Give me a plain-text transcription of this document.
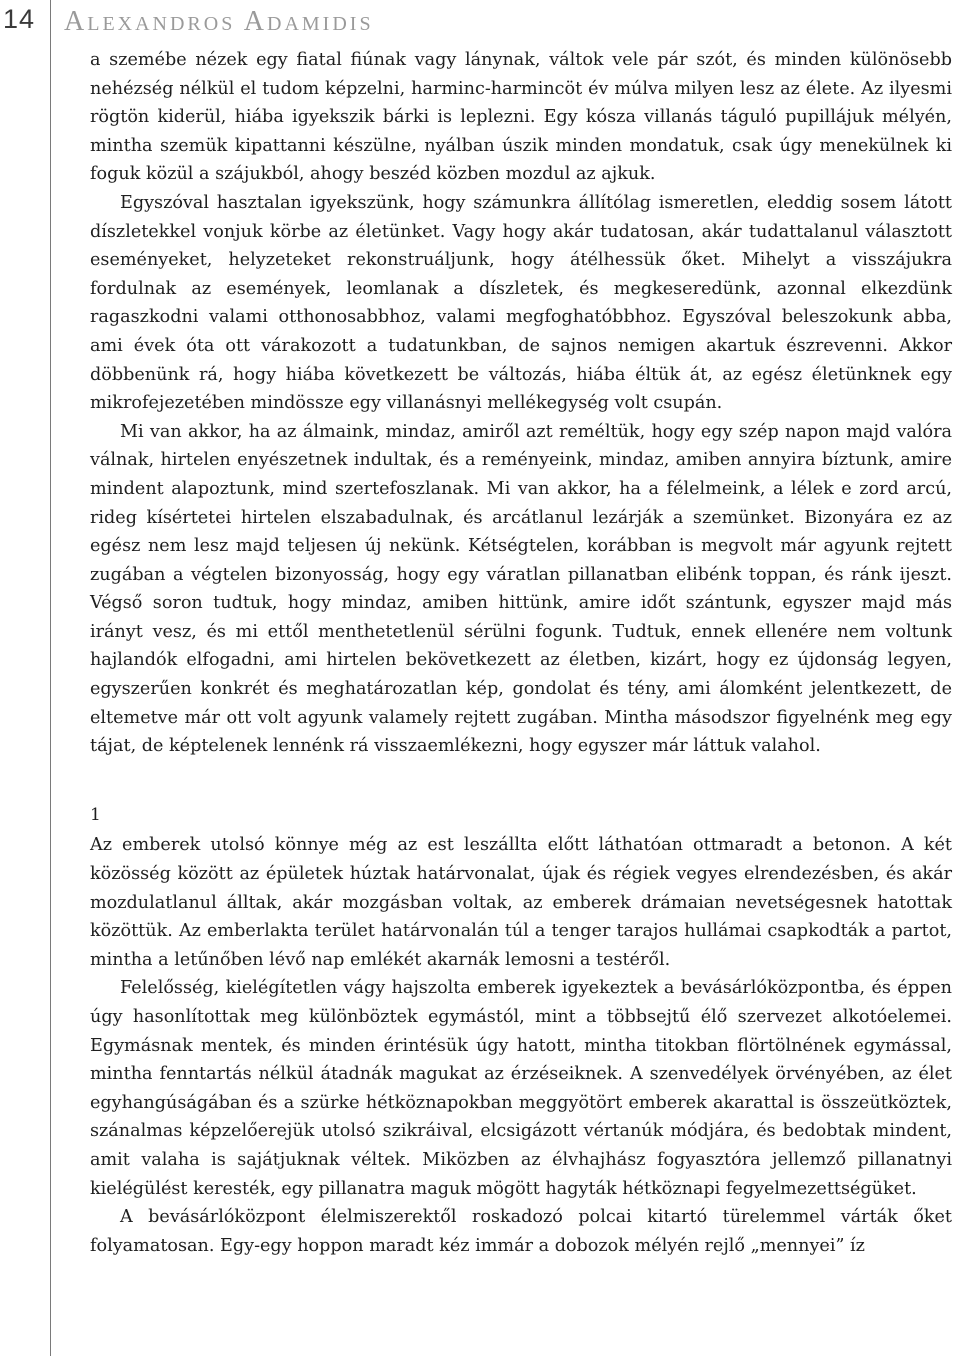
14 Alexandros Adamidis

a szemébe nézek egy fiatal fiúnak vagy lánynak, váltok vele pár szót, és minden különösebb nehézség nélkül el tudom képzelni, harminc-harmincöt év múlva milyen lesz az élete. Az ilyesmi rögtön kiderül, hiába igyekszik bárki is leplezni. Egy kósza villanás táguló pupillájuk mélyén, mintha szemük kipattanni készülne, nyálban úszik minden mondatuk, csak úgy menekülnek ki foguk közül a szájukból, ahogy beszéd közben mozdul az ajkuk.

Egyszóval hasztalan igyekszünk, hogy számunkra állítólag ismeretlen, eleddig sosem látott díszletekkel vonjuk körbe az életünket. Vagy hogy akár tudatosan, akár tudattalanul választott eseményeket, helyzeteket rekonstruáljunk, hogy átélhessük őket. Mihelyt a visszájukra fordulnak az események, leomlanak a díszletek, és megkeseredünk, azonnal elkezdünk ragaszkodni valami otthonosabbhoz, valami megfoghatóbbhoz. Egyszóval beleszokunk abba, ami évek óta ott várakozott a tudatunkban, de sajnos nemigen akartuk észrevenni. Akkor döbbenünk rá, hogy hiába következett be változás, hiába éltük át, az egész életünknek egy mikrofejezetében mindössze egy villanásnyi mellékegység volt csupán.

Mi van akkor, ha az álmaink, mindaz, amiről azt reméltük, hogy egy szép napon majd valóra válnak, hirtelen enyészetnek indultak, és a reményeink, mindaz, amiben annyira bíztunk, amire mindent alapoztunk, mind szertefoszlanak. Mi van akkor, ha a félelmeink, a lélek e zord arcú, rideg kísértetei hirtelen elszabadulnak, és arcátlanul lezárják a szemünket. Bizonyára ez az egész nem lesz majd teljesen új nekünk. Kétségtelen, korábban is megvolt már agyunk rejtett zugában a végtelen bizonyosság, hogy egy váratlan pillanatban elibénk toppan, és ránk ijeszt. Végső soron tudtuk, hogy mindaz, amiben hittünk, amire időt szántunk, egyszer majd más irányt vesz, és mi ettől menthetetlenül sérülni fogunk. Tudtuk, ennek ellenére nem voltunk hajlandók elfogadni, ami hirtelen bekövetkezett az életben, kizárt, hogy ez újdonság legyen, egyszerűen konkrét és meghatározatlan kép, gondolat és tény, ami álomként jelentkezett, de eltemetve már ott volt agyunk valamely rejtett zugában. Mintha másodszor figyelnénk meg egy tájat, de képtelenek lennénk rá visszaemlékezni, hogy egyszer már láttuk valahol.

1

Az emberek utolsó könnye még az est leszállta előtt láthatóan ottmaradt a betonon. A két közösség között az épületek húztak határvonalat, újak és régiek vegyes elrendezésben, és akár mozdulatlanul álltak, akár mozgásban voltak, az emberek drámaian nevetségesnek hatottak közöttük. Az emberlakta terület határvonalán túl a tenger tarajos hullámai csapkodták a partot, mintha a letűnőben lévő nap emlékét akarnák lemosni a testéről.

Felelősség, kielégítetlen vágy hajszolta emberek igyekeztek a bevásárlóközpontba, és éppen úgy hasonlítottak meg különböztek egymástól, mint a többsejtű élő szervezet alkotóelemei. Egymásnak mentek, és minden érintésük úgy hatott, mintha titokban flörtölnének egymással, mintha fenntartás nélkül átadnák magukat az érzéseiknek. A szenvedélyek örvényében, az élet egyhangúságában és a szürke hétköznapokban meggyötört emberek akarattal is összeütköztek, szánalmas képzelőerejük utolsó szikráival, elcsigázott vértanúk módjára, és bedobtak mindent, amit valaha is sajátjuknak véltek. Miközben az élvhajhász fogyasztóra jellemző pillanatnyi kielégülést keresték, egy pillanatra maguk mögött hagyták hétköznapi fegyelmezettségüket.

A bevásárlóközpont élelmiszerektől roskadozó polcai kitartó türelemmel várták őket folyamatosan. Egy-egy hoppon maradt kéz immár a dobozok mélyén rejlő „mennyei” íz
